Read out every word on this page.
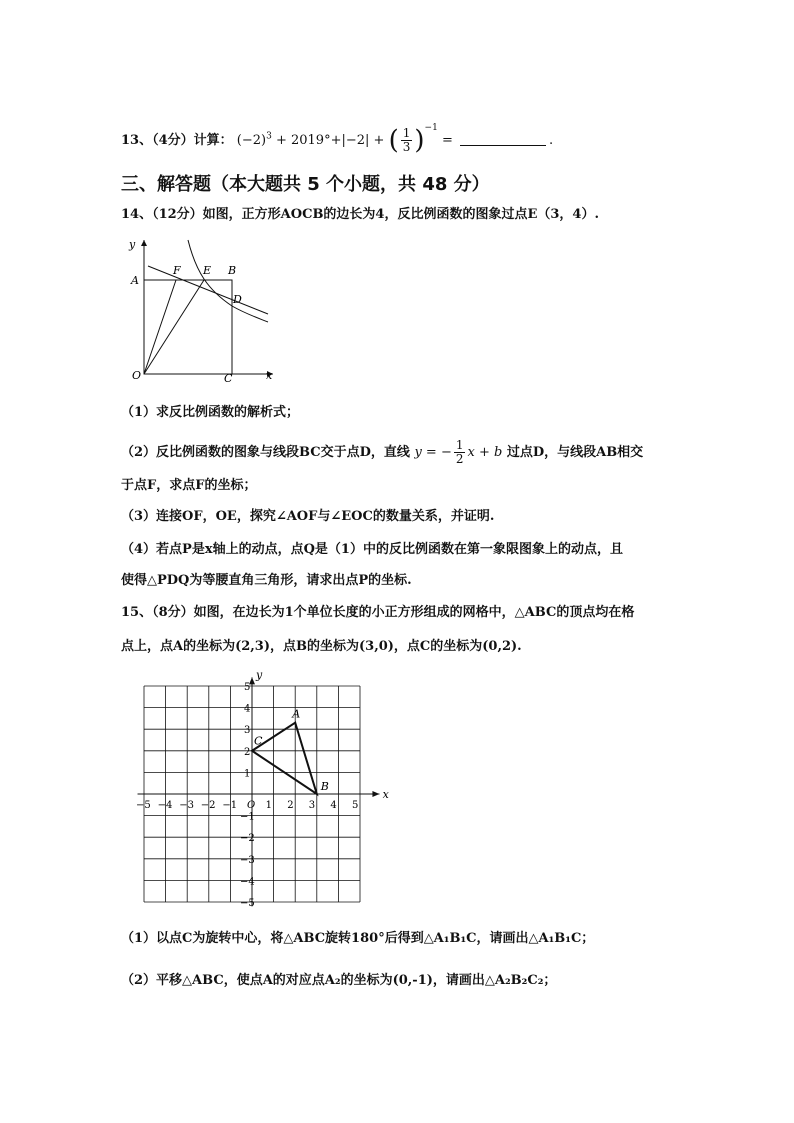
13、（4分）计算： $(-2)^3 + 2019^\circ+|-2|$ + ( $\frac{1}{3} )^{-1}$ =	.
三、解答题（本大题共 5 个小题，共 48 分）
14、（12分）如图，正方形AOCB的边长为4，反比例函数的图象过点E（3，4）.
y
A
F E B
D
O	C	x
（1）求反比例函数的解析式；
（2）反比例函数的图象与线段BC交于点D，直线 y = − $\frac{1}{2}$ x + b 过点D，与线段AB相交
于点F，求点F的坐标；
（3）连接OF，OE，探究∠AOF与∠EOC的数量关系，并证明.
（4）若点P是x轴上的动点，点Q是（1）中的反比例函数在第一象限图象上的动点，且
使得△PDQ为等腰直角三角形，请求出点P的坐标.
15、（8分）如图，在边长为1个单位长度的小正方形组成的网格中，△ABC的顶点均在格
点上，点A的坐标为(2,3)，点B的坐标为(3,0)，点C的坐标为(0,2).
x
y
−5 −4 −3 −2 −1 O 1 2 3 4 5
5
4
3
2
1
−1
−2
−3
−4
−5
A
B
C
（1）以点C为旋转中心，将△ABC旋转180°后得到△A₁B₁C，请画出△A₁B₁C；
（2）平移△ABC，使点A的对应点A₂的坐标为(0,-1)，请画出△A₂B₂C₂；
